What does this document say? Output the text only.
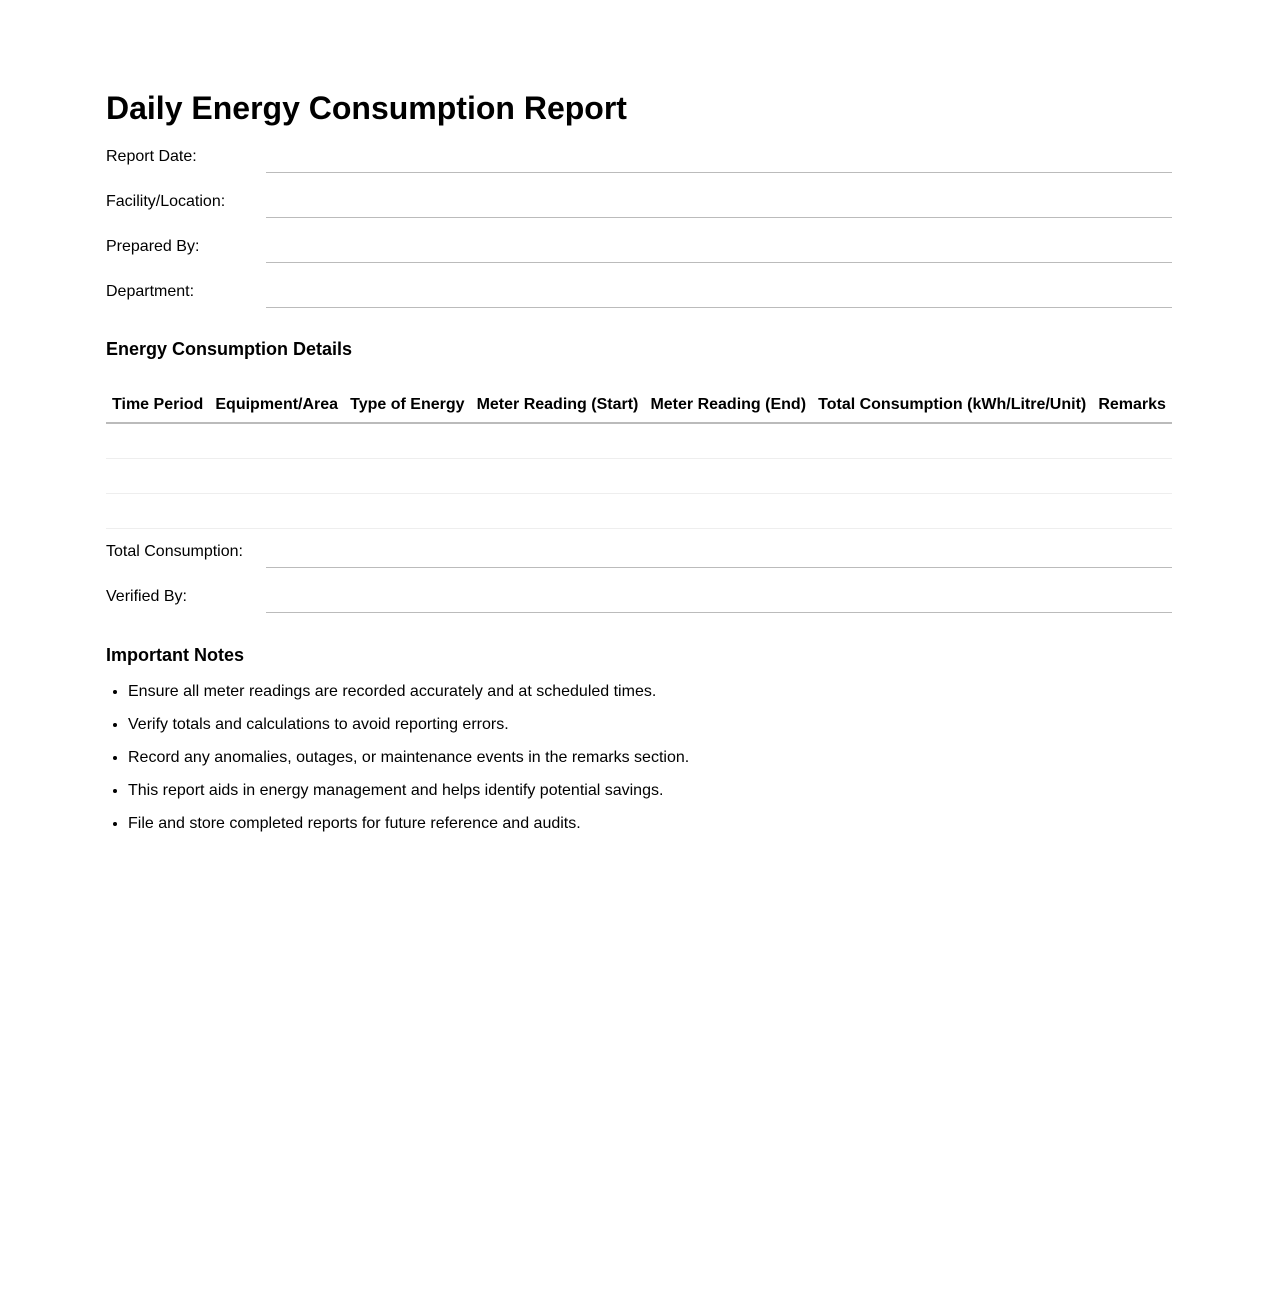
Daily Energy Consumption Report
Report Date:
Facility/Location:
Prepared By:
Department:
Energy Consumption Details
Time Period	Equipment/Area	Type of Energy	Meter Reading (Start)	Meter Reading (End)	Total Consumption (kWh/Litre/Unit)	Remarks

Total Consumption:
Verified By:
Important Notes
• Ensure all meter readings are recorded accurately and at scheduled times.
• Verify totals and calculations to avoid reporting errors.
• Record any anomalies, outages, or maintenance events in the remarks section.
• This report aids in energy management and helps identify potential savings.
• File and store completed reports for future reference and audits.
